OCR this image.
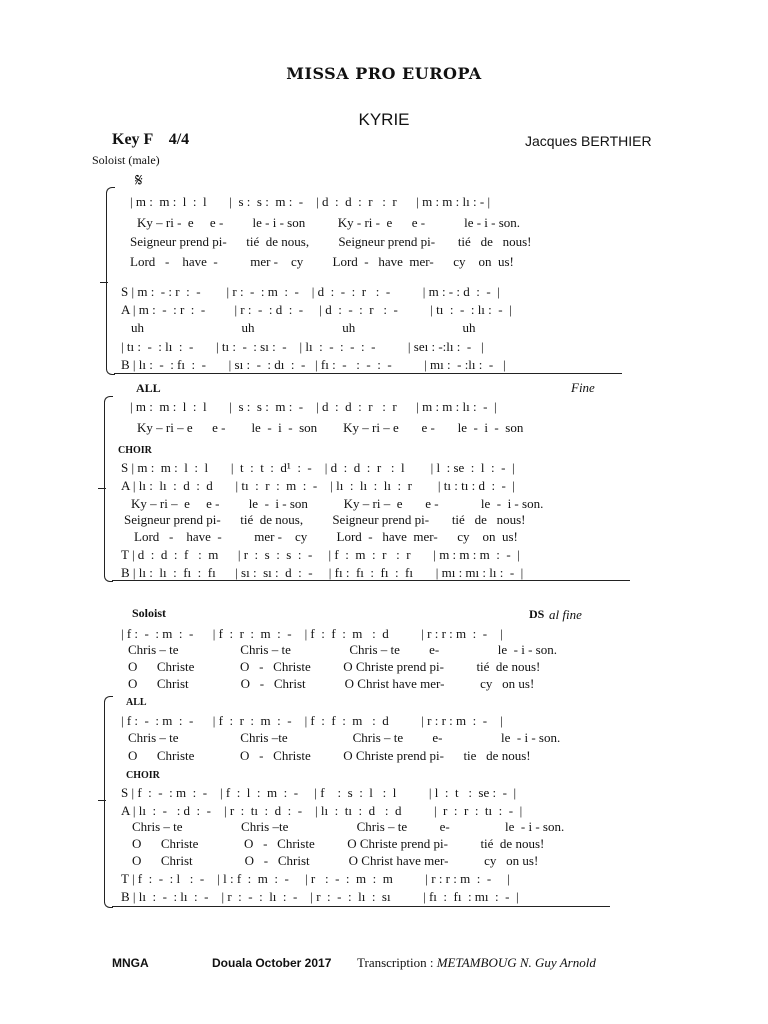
MISSA PRO EUROPA
KYRIE
Key F    4/4	Jacques BERTHIER
Soloist (male)
𝄋
| m :  m :  l  :  l       |  s :  s :  m :  -    | d  :  d  :  r   :  r      | m : m : lı : - |
Ky – ri -  e     e -         le - i - son          Ky - ri -  e      e -            le - i - son.
Seigneur prend pi-      tié  de nous,         Seigneur prend pi-       tié   de   nous!
Lord   -    have  -          mer -    cy         Lord  -   have  mer-      cy    on  us!
S | m :  - : r  :  -        | r :  -  : m  :  -    | d  :  -  :  r   :  -          | m : - : d  :  -  |
A | m :  -  : r  :  -         | r :  -  : d  :  -     | d  :  -  :  r   :  -          | tı  :  -  : lı :  -  |
uh                              uh                           uh                                 uh
| tı :  -  : lı  :  -       | tı :  -  : sı :  -    | lı  :  -  :  -  :  -          | seı : -:lı :  -   |
B | lı :  -  : fı  :  -       | sı :  -  : dı  :  -   | fı :  -   :  -  :  -          | mı :  - :lı :  -   |
ALL	Fine
| m :  m :  l  :  l       |  s :  s :  m :  -    | d  :  d  :  r   :  r      | m : m : lı :  -  |
Ky – ri – e      e -        le  -  i  -  son        Ky – ri – e       e -       le  -  i  -  son
CHOIR
S | m :  m :  l  :  l       |  t  :  t  :  d¹  :  -    | d  :  d  :  r   :  l        | l  : se  :  l  :  -  |
A | lı :  lı  :  d  :  d       | tı  :  r  :  m  :  -    | lı  :  lı  :  lı  :  r        | tı : tı : d  :  -  |
Ky – ri –  e     e -         le  -  i - son           Ky – ri –  e       e -             le  -  i - son.
Seigneur prend pi-      tié  de nous,         Seigneur prend pi-       tié   de   nous!
Lord   -    have  -          mer -    cy         Lord  -   have  mer-      cy    on  us!
T | d  :  d  :  f   :  m      | r  :  s  :  s  :  -     | f  :  m  :  r   :  r       | m : m : m  :  -  |
B | lı :  lı  :  fı  :  fı      | sı :  sı :  d  :  -     | fı :  fı  :  fı  :  fı       | mı : mı : lı :  -  |
Soloist	DS al fine
| f :  -  : m  :  -      | f  :  r  :  m  :  -    | f  :  f  :  m   :  d          | r : r : m  :  -    |
Chris – te                   Chris – te                  Chris – te         e-                  le  - i - son.
O      Christe              O   -   Christe          O Christe prend pi-          tié  de nous!
O      Christ                O   -   Christ            O Christ have mer-           cy   on us!
ALL
| f :  -  : m  :  -      | f  :  r  :  m  :  -    | f  :  f  :  m   :  d          | r : r : m  :  -    |
Chris – te                   Chris –te                    Chris – te         e-                  le  - i - son.
O      Christe              O   -   Christe          O Christe prend pi-      tie   de nous!
CHOIR
S | f  :  -  : m  :  -    | f  :  l  :  m  :  -     | f    :  s  :  l   :  l          | l  :  t   :  se :  -  |
A | lı  :  -   : d  :  -    | r  :  tı  :  d  :  -    | lı  :  tı  :  d   :  d          |  r  :  r  :  tı  :  -  |
Chris – te                  Chris –te                     Chris – te          e-                 le  - i - son.
O      Christe              O   -   Christe          O Christe prend pi-          tié  de nous!
O      Christ                O   -   Christ            O Christ have mer-           cy   on us!
T | f  :  -  : l   :  -    | l : f  :  m  :  -     | r   :  -  :  m  :  m          | r : r : m  :  -     |
B | lı  :  -  : lı  :  -    | r  :  -  :  lı  :  -    | r  :  -  :  lı  :  sı          | fı  :  fı  : mı  :  -  |
MNGA	Douala October 2017 Transcription : METAMBOUG N. Guy Arnold
